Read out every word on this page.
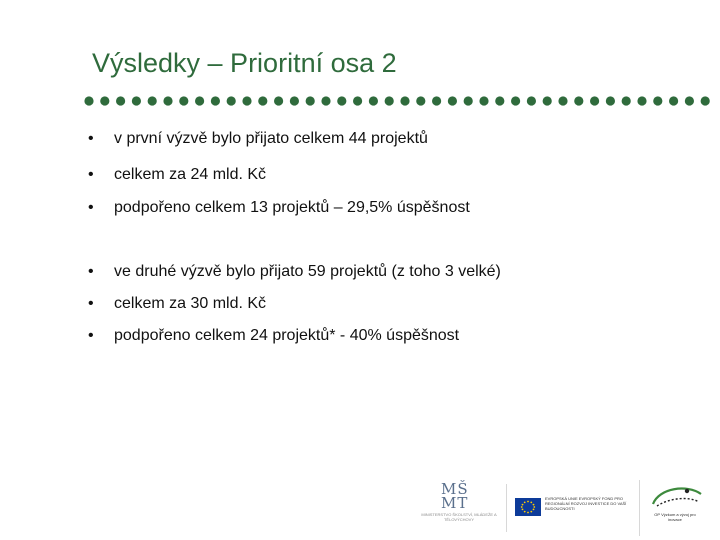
Výsledky – Prioritní osa 2
• v první výzvě bylo přijato celkem 44 projektů
• celkem za 24 mld. Kč
• podpořeno celkem 13 projektů – 29,5% úspěšnost
• ve druhé výzvě bylo přijato 59 projektů (z toho 3 velké)
• celkem za 30 mld. Kč
• podpořeno celkem 24 projektů* - 40% úspěšnost
MŠ MT
MINISTERSTVO ŠKOLSTVÍ, MLÁDEŽE A TĚLOVÝCHOVY
EVROPSKÁ UNIE EVROPSKÝ FOND PRO REGIONÁLNÍ ROZVOJ INVESTICE DO VAŠÍ BUDOUCNOSTI
OP Výzkum a vývoj pro inovace
